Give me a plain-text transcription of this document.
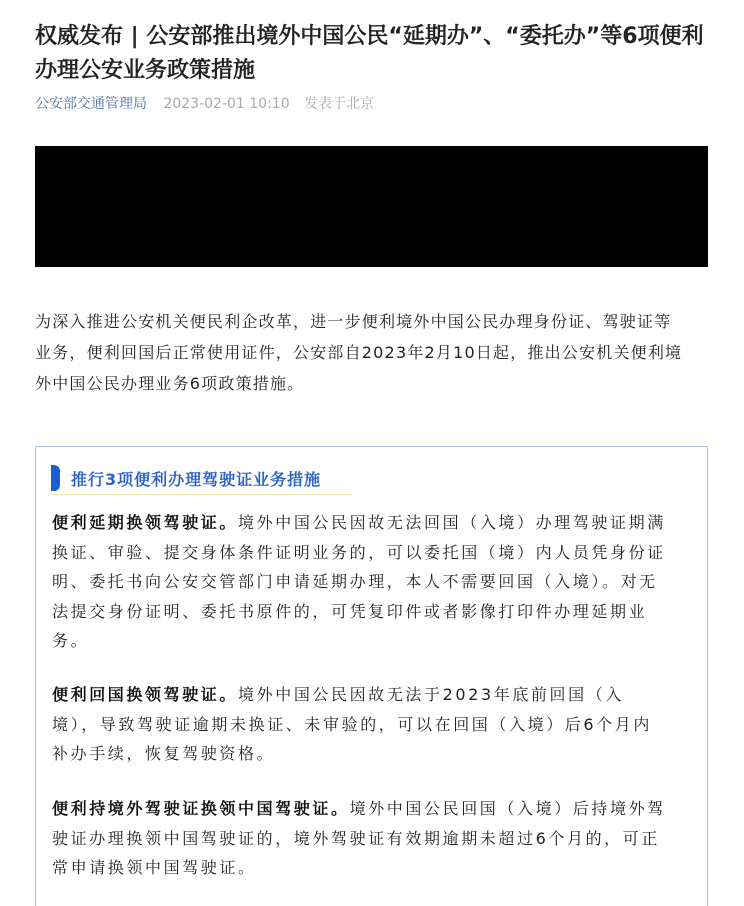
权威发布 | 公安部推出境外中国公民“延期办”、“委托办”等6项便利办理公安业务政策措施
公安部交通管理局 2023-02-01 10:10 发表于北京
为深入推进公安机关便民利企改革，进一步便利境外中国公民办理身份证、驾驶证等
业务，便利回国后正常使用证件，公安部自2023年2月10日起，推出公安机关便利境
外中国公民办理业务6项政策措施。
推行3项便利办理驾驶证业务措施
便利延期换领驾驶证。境外中国公民因故无法回国（入境）办理驾驶证期满
换证、审验、提交身体条件证明业务的，可以委托国（境）内人员凭身份证
明、委托书向公安交管部门申请延期办理，本人不需要回国（入境）。对无
法提交身份证明、委托书原件的，可凭复印件或者影像打印件办理延期业
务。
便利回国换领驾驶证。境外中国公民因故无法于2023年底前回国（入
境），导致驾驶证逾期未换证、未审验的，可以在回国（入境）后6个月内
补办手续，恢复驾驶资格。
便利持境外驾驶证换领中国驾驶证。境外中国公民回国（入境）后持境外驾
驶证办理换领中国驾驶证的，境外驾驶证有效期逾期未超过6个月的，可正
常申请换领中国驾驶证。
